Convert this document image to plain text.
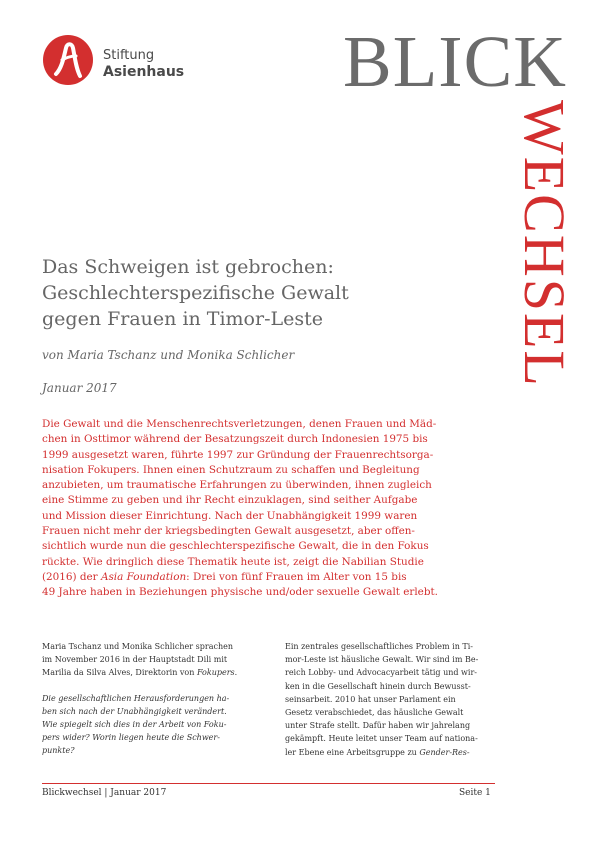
Stiftung
Asienhaus BLICK
WECHSEL
Das Schweigen ist gebrochen:
Geschlechterspezifische Gewalt
gegen Frauen in Timor-Leste
von Maria Tschanz und Monika Schlicher
Januar 2017
Die Gewalt und die Menschenrechtsverletzungen, denen Frauen und Mäd-
chen in Osttimor während der Besatzungszeit durch Indonesien 1975 bis
1999 ausgesetzt waren, führte 1997 zur Gründung der Frauenrechtsorga-
nisation Fokupers. Ihnen einen Schutzraum zu schaffen und Begleitung
anzubieten, um traumatische Erfahrungen zu überwinden, ihnen zugleich
eine Stimme zu geben und ihr Recht einzuklagen, sind seither Aufgabe
und Mission dieser Einrichtung. Nach der Unabhängigkeit 1999 waren
Frauen nicht mehr der kriegsbedingten Gewalt ausgesetzt, aber offen-
sichtlich wurde nun die geschlechterspezifische Gewalt, die in den Fokus
rückte. Wie dringlich diese Thematik heute ist, zeigt die Nabilian Studie
(2016) der Asia Foundation: Drei von fünf Frauen im Alter von 15 bis
49 Jahre haben in Beziehungen physische und/oder sexuelle Gewalt erlebt.
Maria Tschanz und Monika Schlicher sprachen
im November 2016 in der Hauptstadt Dili mit
Marilia da Silva Alves, Direktorin von Fokupers.
Die gesellschaftlichen Herausforderungen ha-
ben sich nach der Unabhängigkeit verändert.
Wie spiegelt sich dies in der Arbeit von Foku-
pers wider? Worin liegen heute die Schwer-
punkte?
Ein zentrales gesellschaftliches Problem in Ti-
mor-Leste ist häusliche Gewalt. Wir sind im Be-
reich Lobby- und Advocacyarbeit tätig und wir-
ken in die Gesellschaft hinein durch Bewusst-
seinsarbeit. 2010 hat unser Parlament ein
Gesetz verabschiedet, das häusliche Gewalt
unter Strafe stellt. Dafür haben wir jahrelang
gekämpft. Heute leitet unser Team auf nationa-
ler Ebene eine Arbeitsgruppe zu Gender-Res-
Blickwechsel | Januar 2017	Seite 1
